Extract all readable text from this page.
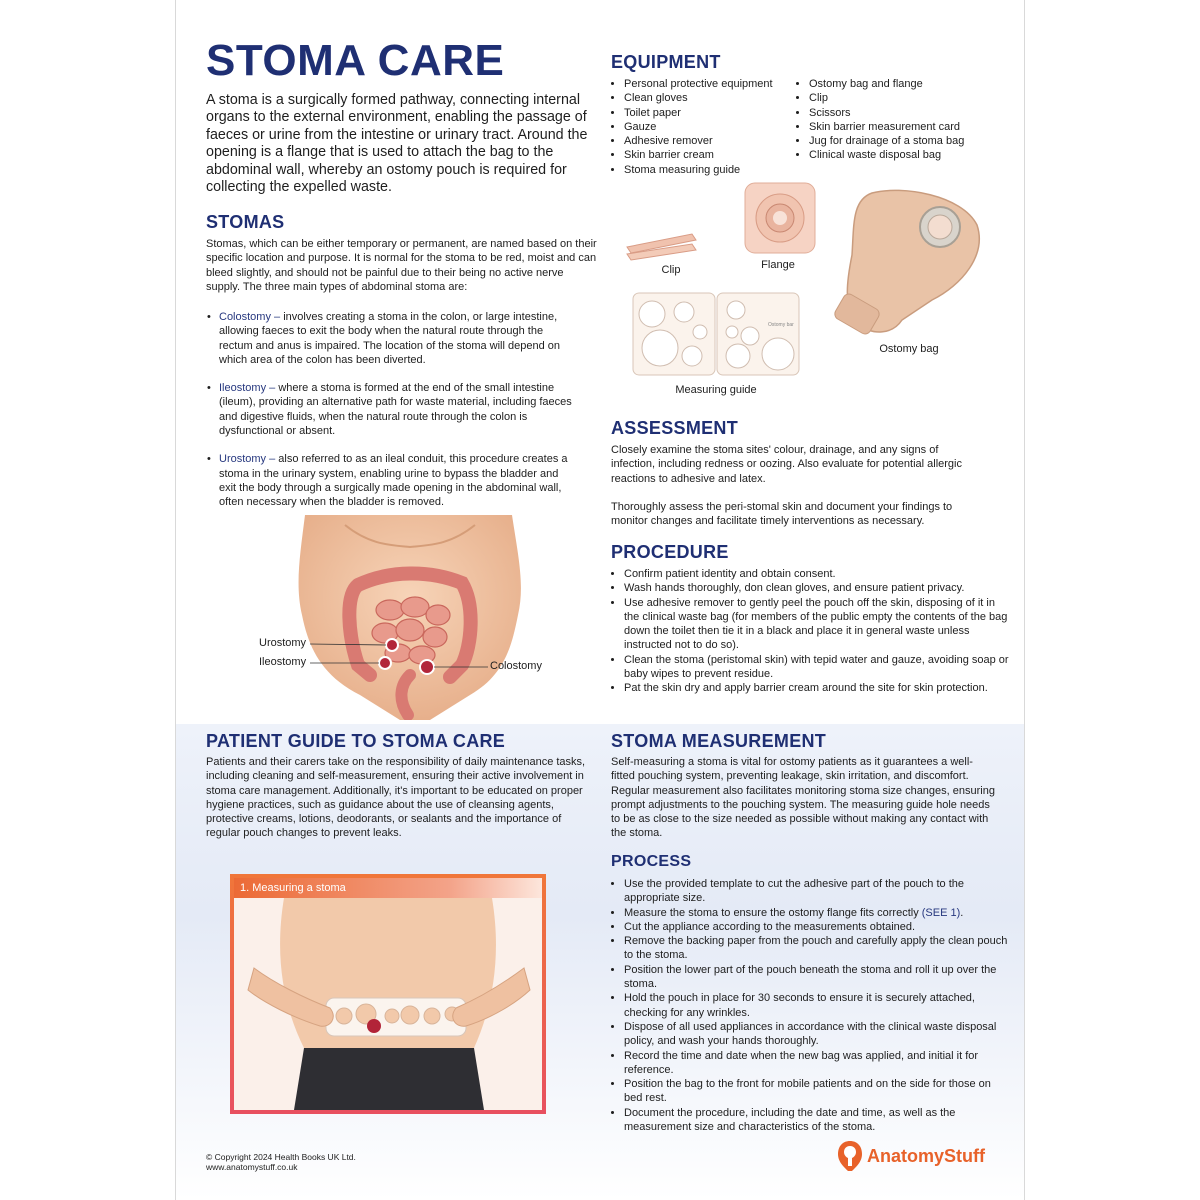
STOMA CARE
A stoma is a surgically formed pathway, connecting internal organs to the external environment, enabling the passage of faeces or urine from the intestine or urinary tract. Around the opening is a flange that is used to attach the bag to the abdominal wall, whereby an ostomy pouch is required for collecting the expelled waste.
STOMAS

Stomas, which can be either temporary or permanent, are named based on their specific location and purpose. It is normal for the stoma to be red, moist and can bleed slightly, and should not be painful due to their being no active nerve supply. The three main types of abdominal stoma are:

• Colostomy – involves creating a stoma in the colon, or large intestine, allowing faeces to exit the body when the natural route through the rectum and anus is impaired. The location of the stoma will depend on which area of the colon has been diverted.
• Ileostomy – where a stoma is formed at the end of the small intestine (ileum), providing an alternative path for waste material, including faeces and digestive fluids, when the natural route through the colon is dysfunctional or absent.
• Urostomy – also referred to as an ileal conduit, this procedure creates a stoma in the urinary system, enabling urine to bypass the bladder and exit the body through a surgically made opening in the abdominal wall, often necessary when the bladder is removed.
Urostomy
Ileostomy	Colostomy
EQUIPMENT
• Personal protective equipment
• Clean gloves
• Toilet paper
• Gauze
• Adhesive remover
• Skin barrier cream
• Stoma measuring guide
• Ostomy bag and flange
• Clip
• Scissors
• Skin barrier measurement card
• Jug for drainage of a stoma bag
• Clinical waste disposal bag
Clip	Flange
Ostomy bag
Ostomy bar
Measuring guide
ASSESSMENT

Closely examine the stoma sites' colour, drainage, and any signs of infection, including redness or oozing. Also evaluate for potential allergic reactions to adhesive and latex.

Thoroughly assess the peri-stomal skin and document your findings to monitor changes and facilitate timely interventions as necessary.

PROCEDURE
• Confirm patient identity and obtain consent.
• Wash hands thoroughly, don clean gloves, and ensure patient privacy.
• Use adhesive remover to gently peel the pouch off the skin, disposing of it in the clinical waste bag (for members of the public empty the contents of the bag down the toilet then tie it in a black and place it in general waste unless instructed not to do so).
• Clean the stoma (peristomal skin) with tepid water and gauze, avoiding soap or baby wipes to prevent residue.
• Pat the skin dry and apply barrier cream around the site for skin protection.
PATIENT GUIDE TO STOMA CARE

Patients and their carers take on the responsibility of daily maintenance tasks, including cleaning and self-measurement, ensuring their active involvement in stoma care management. Additionally, it's important to be educated on proper hygiene practices, such as guidance about the use of cleansing agents, protective creams, lotions, deodorants, or sealants and the importance of regular pouch changes to prevent leaks.

1. Measuring a stoma
STOMA MEASUREMENT

Self-measuring a stoma is vital for ostomy patients as it guarantees a well-fitted pouching system, preventing leakage, skin irritation, and discomfort. Regular measurement also facilitates monitoring stoma size changes, ensuring prompt adjustments to the pouching system. The measuring guide hole needs to be as close to the size needed as possible without making any contact with the stoma.

PROCESS
• Use the provided template to cut the adhesive part of the pouch to the appropriate size.
• Measure the stoma to ensure the ostomy flange fits correctly (SEE 1).
• Cut the appliance according to the measurements obtained.
• Remove the backing paper from the pouch and carefully apply the clean pouch to the stoma.
• Position the lower part of the pouch beneath the stoma and roll it up over the stoma.
• Hold the pouch in place for 30 seconds to ensure it is securely attached, checking for any wrinkles.
• Dispose of all used appliances in accordance with the clinical waste disposal policy, and wash your hands thoroughly.
• Record the time and date when the new bag was applied, and initial it for reference.
• Position the bag to the front for mobile patients and on the side for those on bed rest.
• Document the procedure, including the date and time, as well as the measurement size and characteristics of the stoma.
© Copyright 2024 Health Books UK Ltd.
www.anatomystuff.co.uk
AnatomyStuff
